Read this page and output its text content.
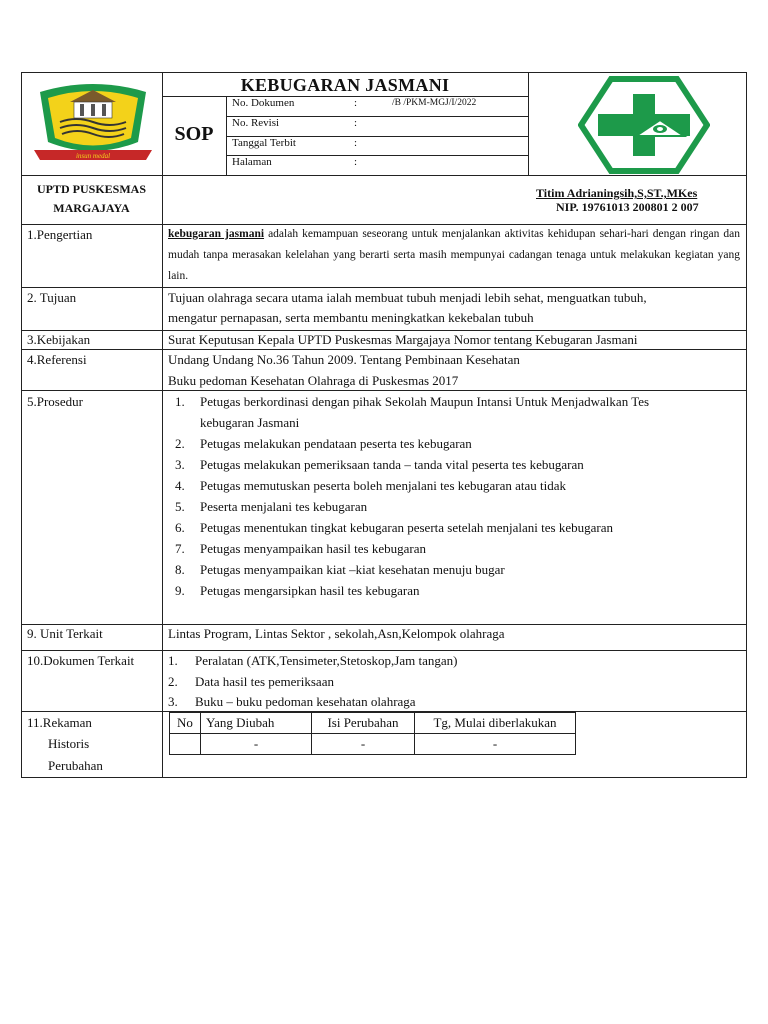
insun medal
KEBUGARAN JASMANI
SOP
No. Dokumen	:	/B /PKM-MGJ/I/2022
No. Revisi	:
Tanggal Terbit	:
Halaman	:
UPTD PUSKESMAS
MARGAJAYA
Titim Adrianingsih,S,ST.,MKes
NIP. 19761013 200801 2 007
1.Pengertian	kebugaran jasmani adalah kemampuan seseorang untuk menjalankan aktivitas kehidupan sehari-hari dengan ringan dan mudah tanpa merasakan kelelahan yang berarti serta masih mempunyai cadangan tenaga untuk melakukan kegiatan yang lain.
2. Tujuan	Tujuan olahraga secara utama ialah membuat tubuh menjadi lebih sehat, menguatkan tubuh,
mengatur pernapasan, serta membantu meningkatkan kekebalan tubuh
3.Kebijakan	Surat Keputusan Kepala UPTD Puskesmas Margajaya Nomor tentang Kebugaran Jasmani
4.Referensi	Undang Undang No.36 Tahun 2009. Tentang Pembinaan Kesehatan
Buku pedoman Kesehatan Olahraga di Puskesmas 2017
5.Prosedur	1. Petugas berkordinasi dengan pihak Sekolah Maupun Intansi Untuk Menjadwalkan Tes
kebugaran Jasmani
2. Petugas melakukan pendataan peserta tes kebugaran
3. Petugas melakukan pemeriksaan tanda – tanda vital peserta tes kebugaran
4. Petugas memutuskan peserta boleh menjalani tes kebugaran atau tidak
5. Peserta menjalani tes kebugaran
6. Petugas menentukan tingkat kebugaran peserta setelah menjalani tes kebugaran
7. Petugas menyampaikan hasil tes kebugaran
8. Petugas menyampaikan kiat –kiat kesehatan menuju bugar
9. Petugas mengarsipkan hasil tes kebugaran
9. Unit Terkait	Lintas Program, Lintas Sektor , sekolah,Asn,Kelompok olahraga
10.Dokumen Terkait	1. Peralatan (ATK,Tensimeter,Stetoskop,Jam tangan)
2. Data hasil tes pemeriksaan
3. Buku – buku pedoman kesehatan olahraga
11.Rekaman
Historis
Perubahan
No	Yang Diubah	Isi Perubahan	Tg, Mulai diberlakukan
	-	-	-
